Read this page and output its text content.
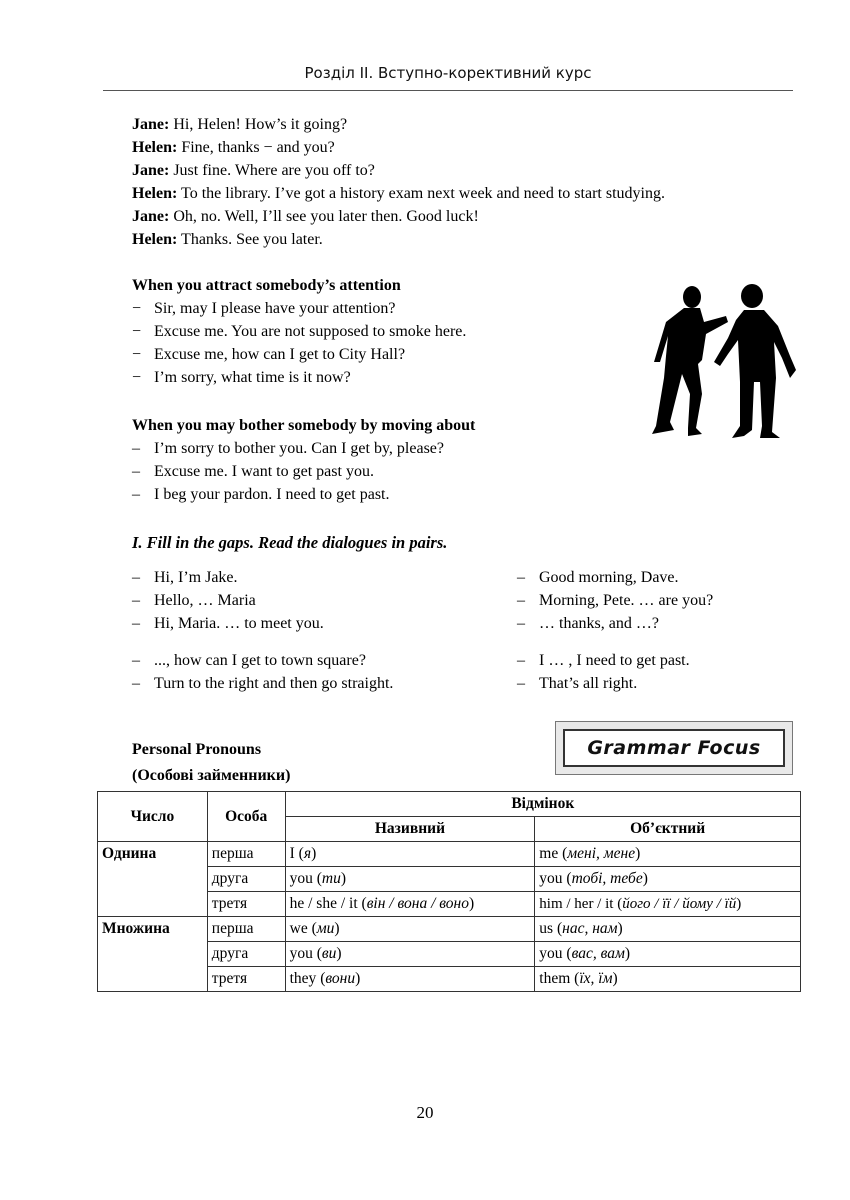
Розділ II. Вступно-корективний курс
Jane: Hi, Helen! How’s it going?
Helen: Fine, thanks − and you?
Jane: Just fine. Where are you off to?
Helen: To the library. I’ve got a history exam next week and need to start studying.
Jane: Oh, no. Well, I’ll see you later then. Good luck!
Helen: Thanks. See you later.
When you attract somebody’s attention
− Sir, may I please have your attention?
− Excuse me. You are not supposed to smoke here.
− Excuse me, how can I get to City Hall?
− I’m sorry, what time is it now?
When you may bother somebody by moving about
– I’m sorry to bother you. Can I get by, please?
– Excuse me. I want to get past you.
– I beg your pardon. I need to get past.
I. Fill in the gaps. Read the dialogues in pairs.
– Hi, I’m Jake.
– Hello, … Maria
– Hi, Maria. … to meet you.
– Good morning, Dave.
– Morning, Pete. … are you?
– … thanks, and …?
– ..., how can I get to town square?
– Turn to the right and then go straight.
– I … , I need to get past.
– That’s all right.
Personal Pronouns
(Особові займенники)
Grammar Focus
Число	Особа	Відмінок	
		Називний	Об’єктний
Однина	перша	I (я)	me (мені, мене)
	друга	you (ти)	you (тобі, тебе)
	третя	he / she / it (він / вона / воно)	him / her / it (його / її / йому / їй)
Множина	перша	we (ми)	us (нас, нам)
	друга	you (ви)	you (вас, вам)
	третя	they (вони)	them (їх, їм)
20
